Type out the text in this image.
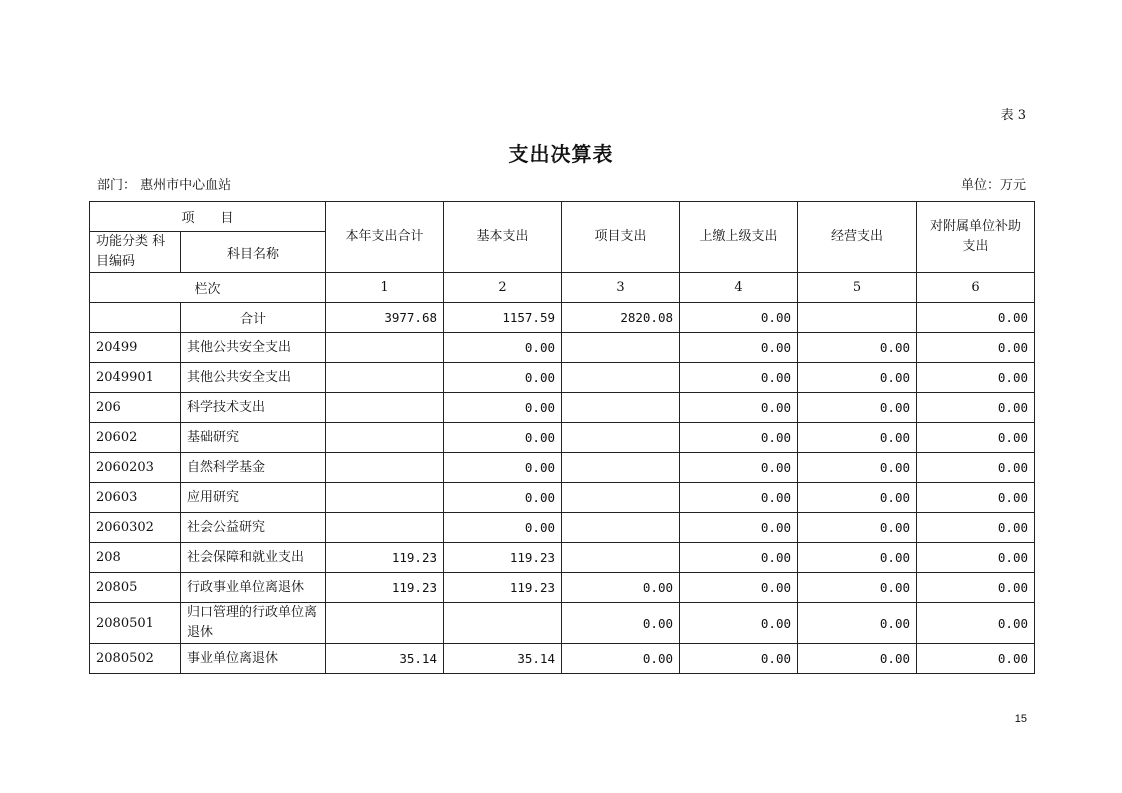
表 3
支出决算表
部门： 惠州市中心血站	单位：万元
项　　目		本年支出合计	基本支出	项目支出	上缴上级支出	经营支出	对附属单位补助支出
功能分类 科目编码	科目名称						
栏次		1	2	3	4	5	6
	合计	3977.68	1157.59	2820.08	0.00		0.00
20499	其他公共安全支出		0.00		0.00	0.00	0.00
2049901	其他公共安全支出		0.00		0.00	0.00	0.00
206	科学技术支出		0.00		0.00	0.00	0.00
20602	基础研究		0.00		0.00	0.00	0.00
2060203	自然科学基金		0.00		0.00	0.00	0.00
20603	应用研究		0.00		0.00	0.00	0.00
2060302	社会公益研究		0.00		0.00	0.00	0.00
208	社会保障和就业支出	119.23	119.23		0.00	0.00	0.00
20805	行政事业单位离退休	119.23	119.23	0.00	0.00	0.00	0.00
2080501	归口管理的行政单位离退休			0.00	0.00	0.00	0.00
2080502	事业单位离退休	35.14	35.14	0.00	0.00	0.00	0.00
15
